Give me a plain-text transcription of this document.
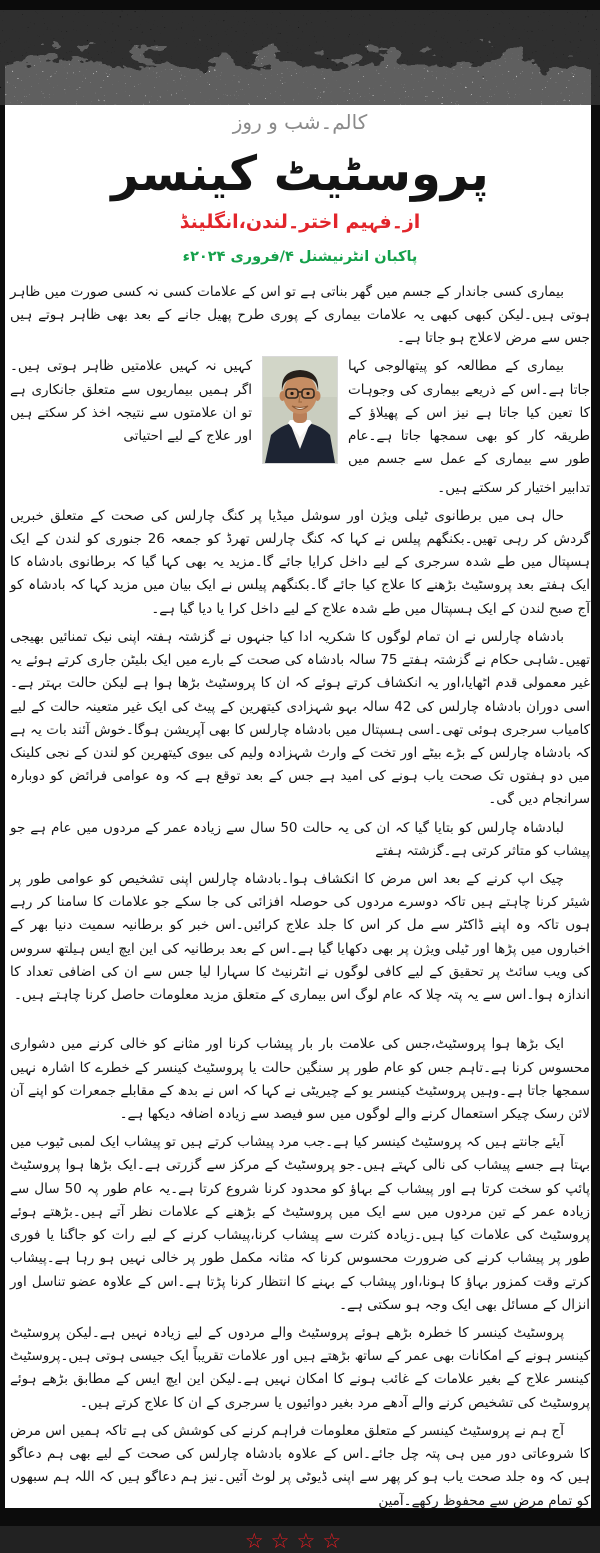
کالم۔شب و روز
پروسٹیٹ کینسر
از۔فہیم اختر۔لندن،انگلینڈ
پاکبان انٹرنیشنل ۴/فروری ۲۰۲۴ء

بیماری کسی جاندار کے جسم میں گھر بناتی ہے تو اس کے علامات کسی نہ کسی صورت میں ظاہر ہوتی ہیں۔لیکن کبھی کبھی یہ علامات بیماری کے پوری طرح پھیل جانے کے بعد بھی ظاہر ہوتے ہیں جس سے مرض لاعلاج ہو جاتا ہے۔

بیماری کے مطالعہ کو پیتھالوجی کہا جاتا ہے۔اس کے ذریعے بیماری کی وجوہات کا تعین کیا جاتا ہے نیز اس کے پھیلاؤ کے طریقہ کار کو بھی سمجھا جاتا ہے۔عام طور سے بیماری کے عمل سے جسم میں کہیں نہ کہیں علامتیں ظاہر ہوتی ہیں۔اگر ہمیں بیماریوں سے متعلق جانکاری ہے تو ان علامتوں سے نتیجہ اخذ کر سکتے ہیں اور علاج کے لیے احتیاتی

تدابیر اختیار کر سکتے ہیں۔

حال ہی میں برطانوی ٹیلی ویژن اور سوشل میڈیا پر کنگ چارلس کی صحت کے متعلق خبریں گردش کر رہی تھیں۔بکنگھم پیلس نے کہا کہ کنگ چارلس تھرڈ کو جمعہ 26 جنوری کو لندن کے ایک ہسپتال میں طے شدہ سرجری کے لیے داخل کرایا جائے گا۔مزید یہ بھی کہا گیا کہ برطانوی بادشاہ کا ایک ہفتے بعد پروسٹیٹ بڑھنے کا علاج کیا جائے گا۔بکنگھم پیلس نے ایک بیان میں مزید کہا کہ بادشاہ کو آج صبح لندن کے ایک ہسپتال میں طے شدہ علاج کے لیے داخل کرا یا دیا گیا ہے۔

بادشاہ چارلس نے ان تمام لوگوں کا شکریہ ادا کیا جنہوں نے گزشتہ ہفتہ اپنی نیک تمنائیں بھیجی تھیں۔شاہی حکام نے گزشتہ ہفتے 75 سالہ بادشاہ کی صحت کے بارے میں ایک بلیٹن جاری کرتے ہوئے یہ غیر معمولی قدم اٹھایا،اور یہ انکشاف کرتے ہوئے کہ ان کا پروسٹیٹ بڑھا ہوا ہے لیکن حالت بہتر ہے۔اسی دوران بادشاہ چارلس کی 42 سالہ بہو شہزادی کیتھرین کے پیٹ کی ایک غیر متعینہ حالت کے لیے کامیاب سرجری ہوئی تھی۔اسی ہسپتال میں بادشاہ چارلس کا بھی آپریشن ہوگا۔خوش آئند بات یہ ہے کہ بادشاہ چارلس کے بڑے بیٹے اور تخت کے وارث شہزادہ ولیم کی بیوی کیتھرین کو لندن کے نجی کلینک میں دو ہفتوں تک صحت یاب ہونے کی امید ہے جس کے بعد توقع ہے کہ وہ عوامی فرائض کو دوبارہ سرانجام دیں گی۔

لبادشاہ چارلس کو بتایا گیا کہ ان کی یہ حالت 50 سال سے زیادہ عمر کے مردوں میں عام ہے جو پیشاب کو متاثر کرتی ہے۔گزشتہ ہفتے

چیک اپ کرنے کے بعد اس مرض کا انکشاف ہوا۔بادشاہ چارلس اپنی تشخیص کو عوامی طور پر شیئر کرنا چاہتے ہیں تاکہ دوسرے مردوں کی حوصلہ افزائی کی جا سکے جو علامات کا سامنا کر رہے ہوں تاکہ وہ اپنے ڈاکٹر سے مل کر اس کا جلد علاج کرائیں۔اس خبر کو برطانیہ سمیت دنیا بھر کے اخباروں میں پڑھا اور ٹیلی ویژن پر بھی دکھایا گیا ہے۔اس کے بعد برطانیہ کی این ایچ ایس ہیلتھ سروس کی ویب سائٹ پر تحقیق کے لیے کافی لوگوں نے انٹرنیٹ کا سہارا لیا جس سے ان کی اضافی تعداد کا اندازہ ہوا۔اس سے یہ پتہ چلا کہ عام لوگ اس بیماری کے متعلق مزید معلومات حاصل کرنا چاہتے ہیں۔

ایک بڑھا ہوا پروسٹیٹ،جس کی علامت بار بار پیشاب کرنا اور مثانے کو خالی کرنے میں دشواری محسوس کرنا ہے۔تاہم جس کو عام طور پر سنگین حالت یا پروسٹیٹ کینسر کے خطرے کا اشارہ نہیں سمجھا جاتا ہے۔وہیں پروسٹیٹ کینسر یو کے چیریٹی نے کہا کہ اس نے بدھ کے مقابلے جمعرات کو اپنے آن لائن رسک چیکر استعمال کرنے والے لوگوں میں سو فیصد سے زیادہ اضافہ دیکھا ہے۔

آیئے جانتے ہیں کہ پروسٹیٹ کینسر کیا ہے۔جب مرد پیشاب کرتے ہیں تو پیشاب ایک لمبی ٹیوب میں بہتا ہے جسے پیشاب کی نالی کہتے ہیں۔جو پروسٹیٹ کے مرکز سے گزرتی ہے۔ایک بڑھا ہوا پروسٹیٹ پائپ کو سخت کرتا ہے اور پیشاب کے بہاؤ کو محدود کرنا شروع کرتا ہے۔یہ عام طور پہ 50 سال سے زیادہ عمر کے تین مردوں میں سے ایک میں پروسٹیٹ کے بڑھنے کے علامات نظر آتے ہیں۔بڑھتے ہوئے پروسٹیٹ کی علامات کیا ہیں۔زیادہ کثرت سے پیشاب کرنا،پیشاب کرنے کے لیے رات کو جاگنا یا فوری طور پر پیشاب کرنے کی ضرورت محسوس کرنا کہ مثانہ مکمل طور پر خالی نہیں ہو رہا ہے۔پیشاب کرتے وقت کمزور بہاؤ کا ہونا،اور پیشاب کے بہنے کا انتظار کرنا پڑتا ہے۔اس کے علاوہ عضو تناسل اور انزال کے مسائل بھی ایک وجہ ہو سکتی ہے۔

پروسٹیٹ کینسر کا خطرہ بڑھے ہوئے پروسٹیٹ والے مردوں کے لیے زیادہ نہیں ہے۔لیکن پروسٹیٹ کینسر ہونے کے امکانات بھی عمر کے ساتھ بڑھتے ہیں اور علامات تقریباً ایک جیسی ہوتی ہیں۔پروسٹیٹ کینسر علاج کے بغیر علامات کے غائب ہونے کا امکان نہیں ہے۔لیکن این ایچ ایس کے مطابق بڑھے ہوئے پروسٹیٹ کی تشخیص کرنے والے آدھے مرد بغیر دوائیوں یا سرجری کے ان کا علاج کرتے ہیں۔

آج ہم نے پروسٹیٹ کینسر کے متعلق معلومات فراہم کرنے کی کوشش کی ہے تاکہ ہمیں اس مرض کا شروعاتی دور میں ہی پتہ چل جائے۔اس کے علاوہ بادشاہ چارلس کی صحت کے لیے بھی ہم دعاگو ہیں کہ وہ جلد صحت یاب ہو کر پھر سے اپنی ڈیوٹی پر لوٹ آئیں۔نیز ہم دعاگو ہیں کہ اللہ ہم سبھوں کو تمام مرض سے محفوظ رکھے۔آمین

☆☆☆☆
